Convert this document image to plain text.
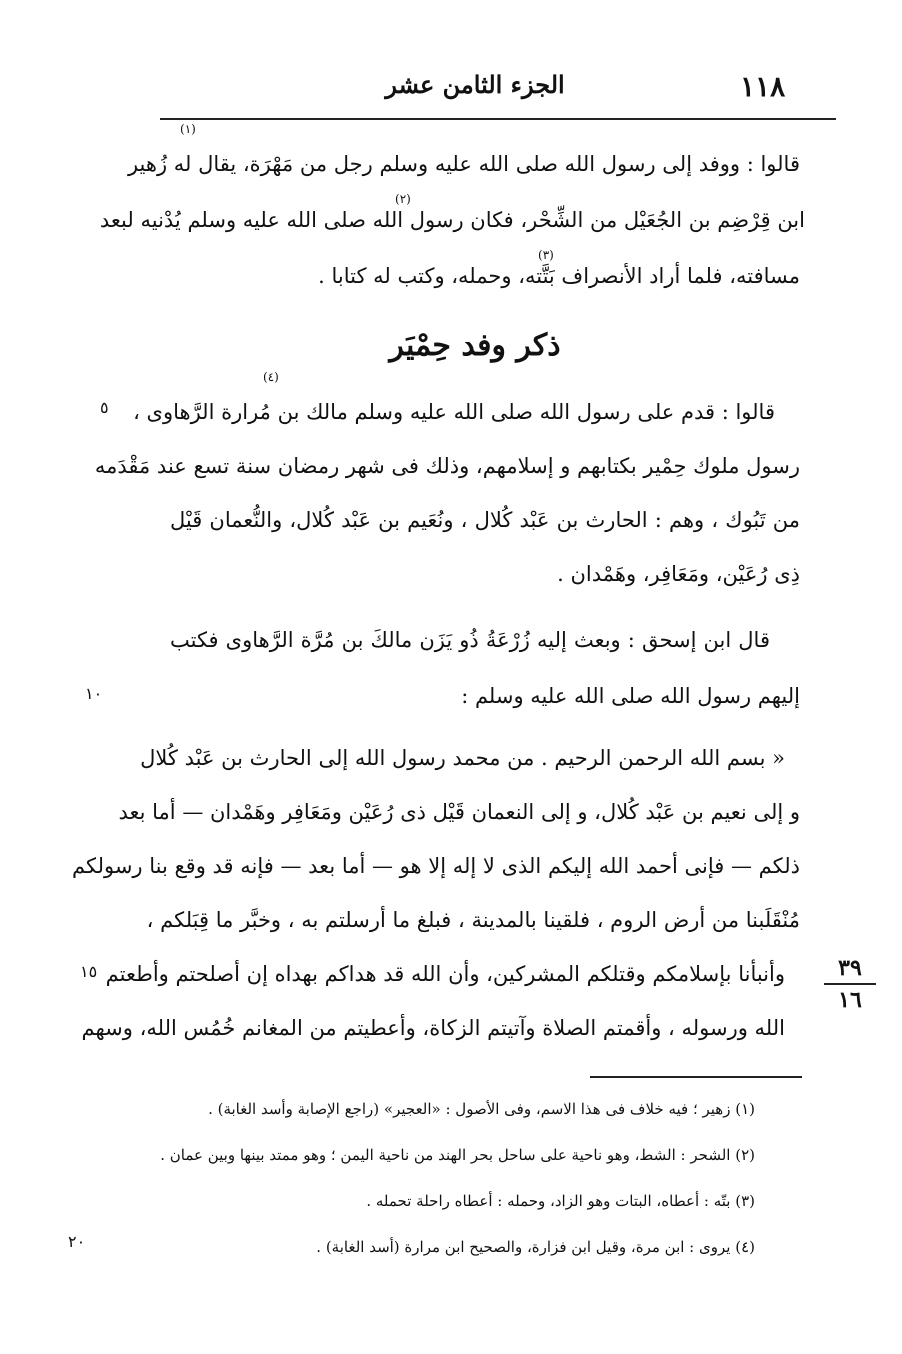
الجزء الثامن عشر	١١٨
(١)
قالوا : ووفد إلى رسول الله صلى الله عليه وسلم رجل من مَهْرَة، يقال له زُهير
(٢)
ابن قِرْضِم بن الجُعَيْل من الشِّحْر، فكان رسول الله صلى الله عليه وسلم يُدْنيه لبعد
(٣)
مسافته، فلما أراد الأنصراف بَتَّته، وحمله، وكتب له كتابا .
ذكر وفد حِمْيَر
(٤)
قالوا : قدم على رسول الله صلى الله عليه وسلم مالك بن مُرارة الرَّهاوى ،
رسول ملوك حِمْير بكتابهم و إسلامهم، وذلك فى شهر رمضان سنة تسع عند مَقْدَمه
من تَبُوك ، وهم : الحارث بن عَبْد كُلال ، ونُعَيم بن عَبْد كُلال، والنُّعمان قَيْل
ذِى رُعَيْن، ومَعَافِر، وهَمْدان .
قال ابن إسحق : وبعث إليه زُرْعَةُ ذُو يَزَن مالكَ بن مُرَّة الرَّهاوى فكتب
إليهم رسول الله صلى الله عليه وسلم :
« بسم الله الرحمن الرحيم . من محمد رسول الله إلى الحارث بن عَبْد كُلال
و إلى نعيم بن عَبْد كُلال، و إلى النعمان قَيْل ذى رُعَيْن ومَعَافِر وهَمْدان — أما بعد
ذلكم — فإنى أحمد الله إليكم الذى لا إله إلا هو — أما بعد — فإنه قد وقع بنا رسولكم
مُنْقَلَبنا من أرض الروم ، فلقينا بالمدينة ، فبلغ ما أرسلتم به ، وخبَّر ما قِبَلكم ،
وأنبأنا بإسلامكم وقتلكم المشركين، وأن الله قد هداكم بهداه إن أصلحتم وأطعتم
الله ورسوله ، وأقمتم الصلاة وآتيتم الزكاة، وأعطيتم من المغانم خُمُس الله، وسهم
٥
١٠
١٥
٢٠
٣٩
١٦
(١) زهير ؛ فيه خلاف فى هذا الاسم، وفى الأصول : «العجير» (راجع الإصابة وأسد الغابة) .
(٢) الشحر : الشط، وهو ناحية على ساحل بحر الهند من ناحية اليمن ؛ وهو ممتد بينها وبين عمان .
(٣) بتّه : أعطاه، البتات وهو الزاد، وحمله : أعطاه راحلة تحمله .
(٤) يروى : ابن مرة، وقيل ابن فزارة، والصحيح ابن مرارة (أسد الغابة) .
